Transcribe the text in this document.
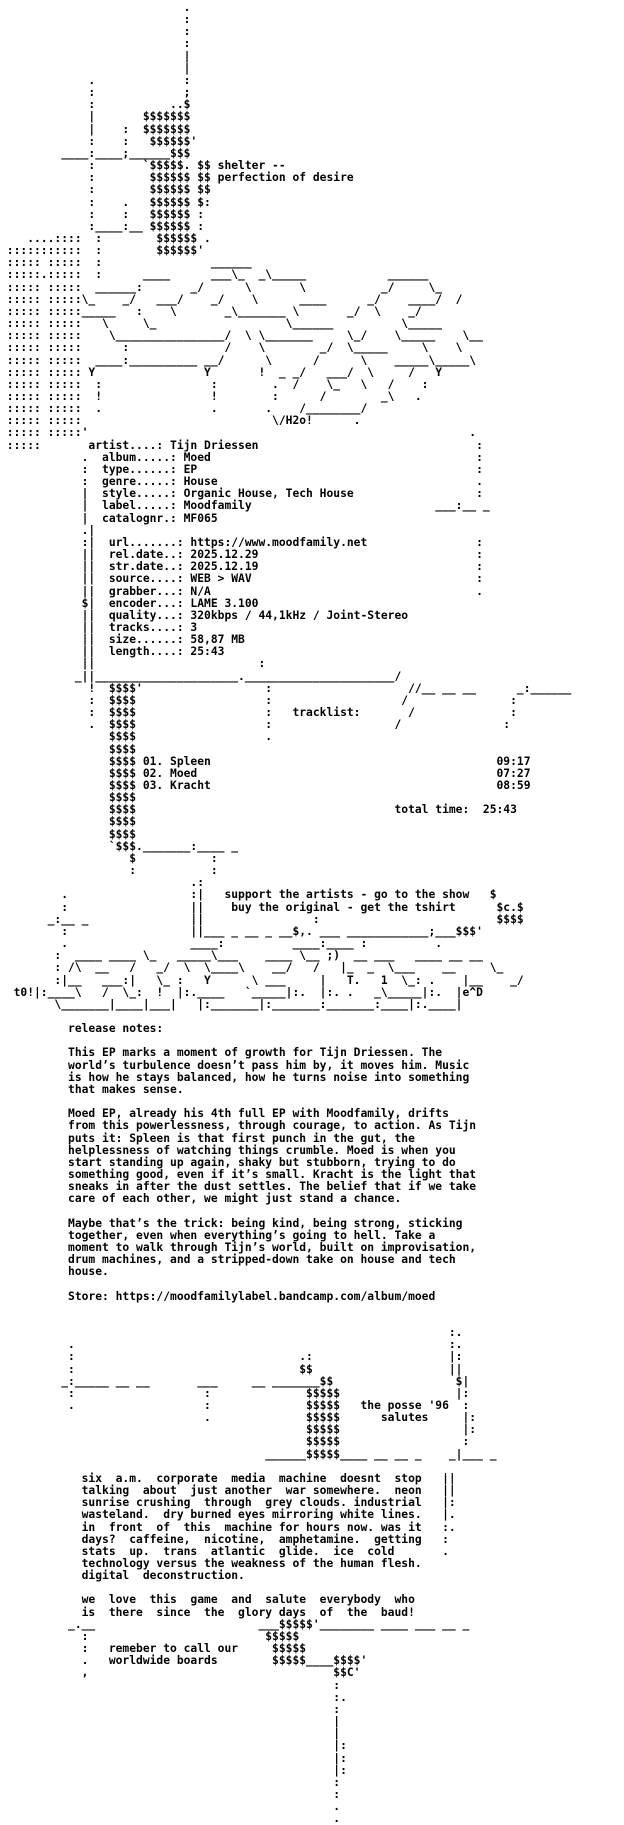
.
:
:
:
|
|
.             :
:             ;
:           ..$
|       $$$$$$$
|    :  $$$$$$$
:    :   $$$$$$'
____:____;______$$$
:       `$$$$$. $$ shelter --
:        $$$$$$ $$ perfection of desire
:        $$$$$$ $$
:    .   $$$$$$ $:
:    :   $$$$$$ :
:____:__ $$$$$$ :
....::::  :        $$$$$$ .
:::::::::::  :        $$$$$$'
::::: :::::  :                ______
:::::.:::::  :      ____      ___\_  _\_____            ______
::::: :::::  ______:       _/      \       \           _/     \_
::::: :::::\_    _/   ___/    _/    \      ____      _/    ____/  /
::::: :::::_____   :    \       _\_______ \       _/  \    _/
::::: :::::   \     \_                   \______          \_____
::::: :::::    \________________/  \ \_______     \_/    \_____    \__
::::: :::::      :              /    \        _/  \_____     \    \
::::: :::::  ____:__________ __/      \      /      \    _____\_____\
::::: ::::: Y                Y       !  _ _/   ___/  \     /   Y
::::: :::::  :                :        .  /    \_   \   /    :
::::: :::::  !                !        :      /        _\   .
::::: :::::  .                .       .    /________/
::::: :::::                            \/H2o!      .
::::: :::::'                                                        .
:::::       artist....: Tijn Driessen                                :
.  album.....: Moed                                       :
:  type......: EP                                         :
:  genre.....: House                                      .
|  style.....: Organic House, Tech House                  :
|  label.....: Moodfamily                           ___:__ _
|  catalognr.: MF065
.|
:|  url.......: https://www.moodfamily.net                :
||  rel.date..: 2025.12.29                                :
||  str.date..: 2025.12.19                                :
||  source....: WEB > WAV                                 :
||  grabber...: N/A                                       .
$|  encoder...: LAME 3.100
||  quality...: 320kbps / 44,1kHz / Joint-Stereo
||  tracks....: 3
||  size......: 58,87 MB
||  length....: 25:43
||                        :
_||_____________________.______________________/
!  $$$$'                  :                    //__ __ __      _:______
:  $$$$                   :                   /               :
:  $$$$                   :   tracklist:       /              :
.  $$$$                   :                  /               :
$$$$                   .
$$$$
$$$$ 01. Spleen                                          09:17
$$$$ 02. Moed                                            07:27
$$$$ 03. Kracht                                          08:59
$$$$
$$$$                                      total time:  25:43
$$$$
$$$$
`$$$._______:____ _
$           :
:           :
.:
.                  :|   support the artists - go to the show   $
:                  ||    buy the original - get the tshirt      $c.$
_:__ _               ||                :                          $$$$
:                  ||___ _ __ _ __$,. ___ ____________;___$$$'
.                  ____:          ____:____ :          .
:  ____ ____ \_   _____\___    ____ \__ ;)  __ ___   ____ __ __
: /\  __   /   _/  \  \____\    __/   /   |_  _  \___    __     \_
:|__   ___:|   \_ :   Y      \ ___     |   T.   1  \_: .    |__    _/
t0!|:____\   /  \_:  !  |:.____   `_____|:.  |:. .   _\_____|:.  |e^D
\_______|____|___|   |:_______|:_______:_______:____|:.____|

release notes:

This EP marks a moment of growth for Tijn Driessen. The
world’s turbulence doesn’t pass him by, it moves him. Music
is how he stays balanced, how he turns noise into something
that makes sense.

Moed EP, already his 4th full EP with Moodfamily, drifts
from this powerlessness, through courage, to action. As Tijn
puts it: Spleen is that first punch in the gut, the
helplessness of watching things crumble. Moed is when you
start standing up again, shaky but stubborn, trying to do
something good, even if it’s small. Kracht is the light that
sneaks in after the dust settles. The belief that if we take
care of each other, we might just stand a chance.

Maybe that’s the trick: being kind, being strong, sticking
together, even when everything’s going to hell. Take a
moment to walk through Tijn’s world, built on improvisation,
drum machines, and a stripped-down take on house and tech
house.

Store: https://moodfamilylabel.bandcamp.com/album/moed

:.
.                                                       :.
:                                 .:                    |:
:                                 $$                    ||
_:_____ __ __       ___     __ _______$$                  $|
:                   :              $$$$$                 |:
.                   :              $$$$$   the posse '96  :
.              $$$$$      salutes     |:
$$$$$                  |:
$$$$$                  :
______$$$$$____ __ __ _    _|___ _

six  a.m.  corporate  media  machine  doesnt  stop   ||
talking  about  just another  war somewhere.  neon   ||
sunrise crushing  through  grey clouds. industrial   |:
wasteland.  dry burned eyes mirroring white lines.   |.
in  front  of  this  machine for hours now. was it   :.
days?  caffeine,  nicotine,  amphetamine.  getting   :
stats  up.  trans  atlantic  glide.  ice  cold       .
technology versus the weakness of the human flesh.
digital  deconstruction.

we  love  this  game  and  salute  everybody  who
is  there  since  the  glory days  of  the  baud!
_.__                        ___$$$$$'________ ____ ___ __ _
:                          $$$$$
:   remeber to call our     $$$$$
.   worldwide boards        $$$$$____$$$$'
,                                    $$C'
:
:.
:
|
|
|:
|:
|:
:
:
.
.
